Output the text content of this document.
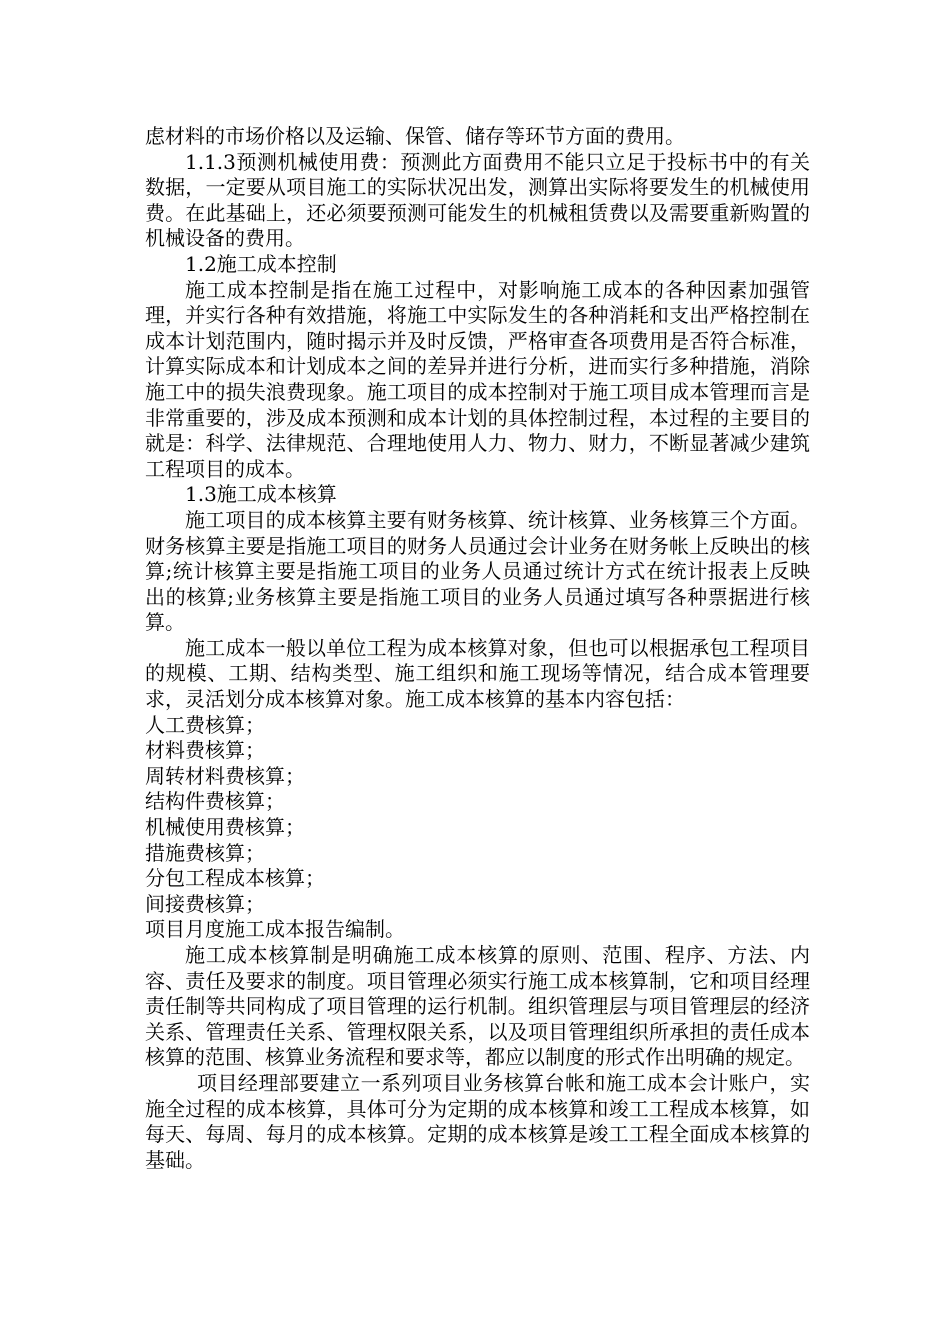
虑材料的市场价格以及运输、保管、储存等环节方面的费用。

1.1.3预测机械使用费：预测此方面费用不能只立足于投标书中的有关数据，一定要从项目施工的实际状况出发，测算出实际将要发生的机械使用费。在此基础上，还必须要预测可能发生的机械租赁费以及需要重新购置的机械设备的费用。

1.2施工成本控制

施工成本控制是指在施工过程中，对影响施工成本的各种因素加强管理，并实行各种有效措施，将施工中实际发生的各种消耗和支出严格控制在成本计划范围内，随时揭示并及时反馈，严格审查各项费用是否符合标准，计算实际成本和计划成本之间的差异并进行分析，进而实行多种措施，消除施工中的损失浪费现象。施工项目的成本控制对于施工项目成本管理而言是非常重要的，涉及成本预测和成本计划的具体控制过程，本过程的主要目的就是：科学、法律规范、合理地使用人力、物力、财力，不断显著减少建筑工程项目的成本。

1.3施工成本核算

施工项目的成本核算主要有财务核算、统计核算、业务核算三个方面。财务核算主要是指施工项目的财务人员通过会计业务在财务帐上反映出的核算;统计核算主要是指施工项目的业务人员通过统计方式在统计报表上反映出的核算;业务核算主要是指施工项目的业务人员通过填写各种票据进行核算。

施工成本一般以单位工程为成本核算对象，但也可以根据承包工程项目的规模、工期、结构类型、施工组织和施工现场等情况，结合成本管理要求，灵活划分成本核算对象。施工成本核算的基本内容包括：

人工费核算；

材料费核算；

周转材料费核算；

结构件费核算；

机械使用费核算；

措施费核算；

分包工程成本核算；

间接费核算；

项目月度施工成本报告编制。

施工成本核算制是明确施工成本核算的原则、范围、程序、方法、内容、责任及要求的制度。项目管理必须实行施工成本核算制，它和项目经理责任制等共同构成了项目管理的运行机制。组织管理层与项目管理层的经济关系、管理责任关系、管理权限关系，以及项目管理组织所承担的责任成本核算的范围、核算业务流程和要求等，都应以制度的形式作出明确的规定。

项目经理部要建立一系列项目业务核算台帐和施工成本会计账户，实施全过程的成本核算，具体可分为定期的成本核算和竣工工程成本核算，如每天、每周、每月的成本核算。定期的成本核算是竣工工程全面成本核算的基础。
